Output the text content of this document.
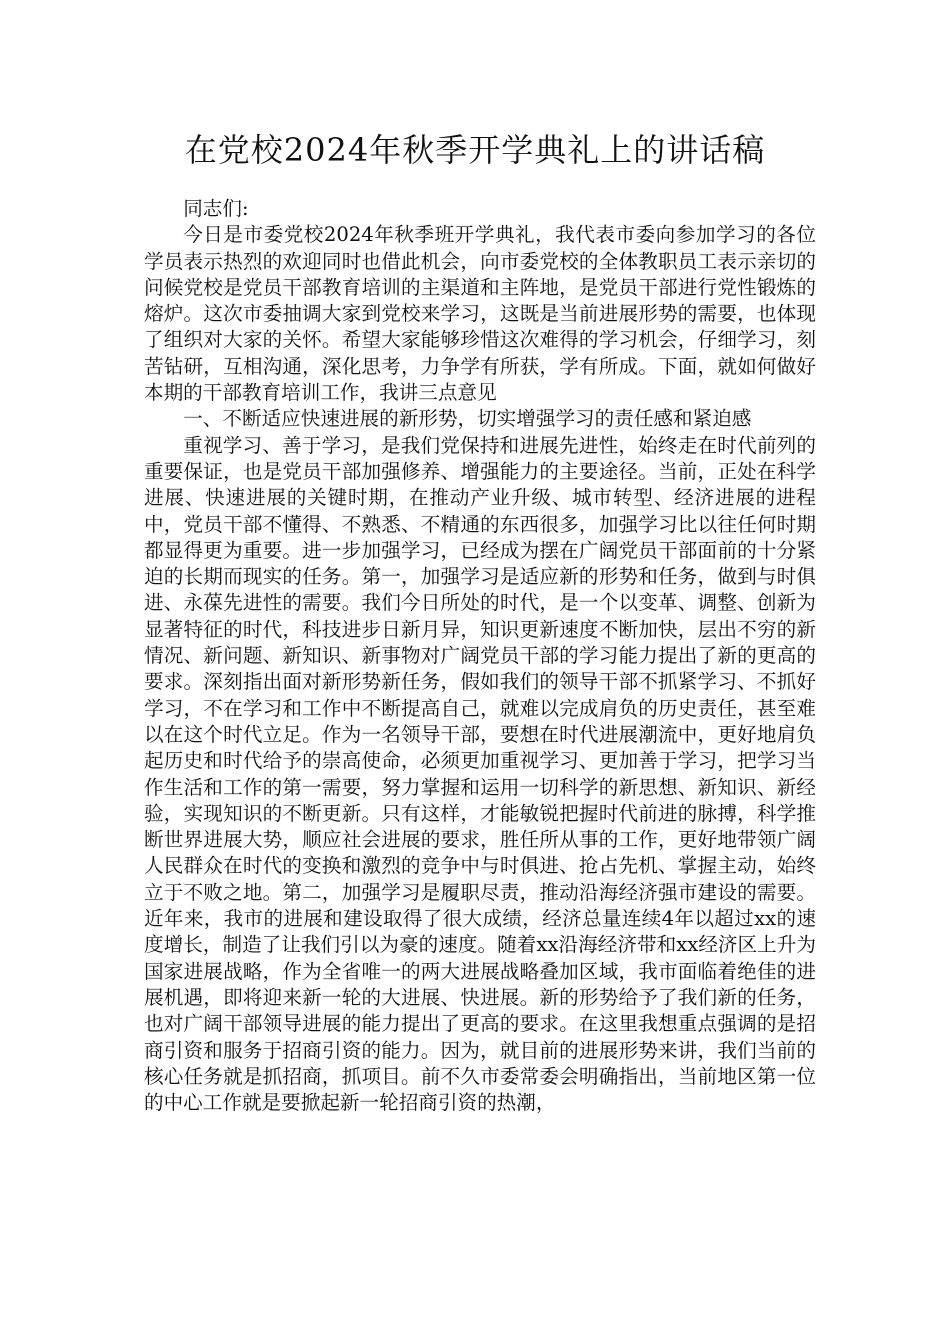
在党校2024年秋季开学典礼上的讲话稿

同志们:

今日是市委党校2024年秋季班开学典礼，我代表市委向参加学习的各位学员表示热烈的欢迎同时也借此机会，向市委党校的全体教职员工表示亲切的问候党校是党员干部教育培训的主渠道和主阵地，是党员干部进行党性锻炼的熔炉。这次市委抽调大家到党校来学习，这既是当前进展形势的需要，也体现了组织对大家的关怀。希望大家能够珍惜这次难得的学习机会，仔细学习，刻苦钻研，互相沟通，深化思考，力争学有所获，学有所成。下面，就如何做好本期的干部教育培训工作，我讲三点意见

一、不断适应快速进展的新形势，切实增强学习的责任感和紧迫感

重视学习、善于学习，是我们党保持和进展先进性，始终走在时代前列的重要保证，也是党员干部加强修养、增强能力的主要途径。当前，正处在科学进展、快速进展的关键时期，在推动产业升级、城市转型、经济进展的进程中，党员干部不懂得、不熟悉、不精通的东西很多，加强学习比以往任何时期都显得更为重要。进一步加强学习，已经成为摆在广阔党员干部面前的十分紧迫的长期而现实的任务。第一，加强学习是适应新的形势和任务，做到与时俱进、永葆先进性的需要。我们今日所处的时代，是一个以变革、调整、创新为显著特征的时代，科技进步日新月异，知识更新速度不断加快，层出不穷的新情况、新问题、新知识、新事物对广阔党员干部的学习能力提出了新的更高的要求。深刻指出面对新形势新任务，假如我们的领导干部不抓紧学习、不抓好学习，不在学习和工作中不断提高自己，就难以完成肩负的历史责任，甚至难以在这个时代立足。作为一名领导干部，要想在时代进展潮流中，更好地肩负起历史和时代给予的崇高使命，必须更加重视学习、更加善于学习，把学习当作生活和工作的第一需要，努力掌握和运用一切科学的新思想、新知识、新经验，实现知识的不断更新。只有这样，才能敏锐把握时代前进的脉搏，科学推断世界进展大势，顺应社会进展的要求，胜任所从事的工作，更好地带领广阔人民群众在时代的变换和激烈的竞争中与时俱进、抢占先机、掌握主动，始终立于不败之地。第二，加强学习是履职尽责，推动沿海经济强市建设的需要。近年来，我市的进展和建设取得了很大成绩，经济总量连续4年以超过xx的速度增长，制造了让我们引以为豪的速度。随着xx沿海经济带和xx经济区上升为国家进展战略，作为全省唯一的两大进展战略叠加区域，我市面临着绝佳的进展机遇，即将迎来新一轮的大进展、快进展。新的形势给予了我们新的任务，也对广阔干部领导进展的能力提出了更高的要求。在这里我想重点强调的是招商引资和服务于招商引资的能力。因为，就目前的进展形势来讲，我们当前的核心任务就是抓招商，抓项目。前不久市委常委会明确指出，当前地区第一位的中心工作就是要掀起新一轮招商引资的热潮，
